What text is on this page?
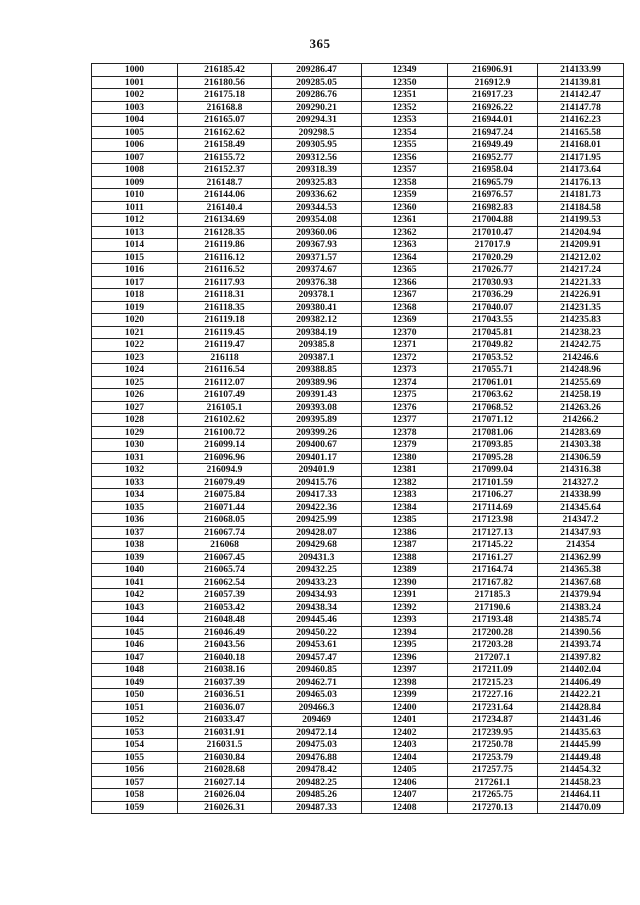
365
1000	216185.42	209286.47	12349	216906.91	214133.99
1001	216180.56	209285.05	12350	216912.9	214139.81
1002	216175.18	209286.76	12351	216917.23	214142.47
1003	216168.8	209290.21	12352	216926.22	214147.78
1004	216165.07	209294.31	12353	216944.01	214162.23
1005	216162.62	209298.5	12354	216947.24	214165.58
1006	216158.49	209305.95	12355	216949.49	214168.01
1007	216155.72	209312.56	12356	216952.77	214171.95
1008	216152.37	209318.39	12357	216958.04	214173.64
1009	216148.7	209325.83	12358	216965.79	214176.13
1010	216144.06	209336.62	12359	216976.57	214181.73
1011	216140.4	209344.53	12360	216982.83	214184.58
1012	216134.69	209354.08	12361	217004.88	214199.53
1013	216128.35	209360.06	12362	217010.47	214204.94
1014	216119.86	209367.93	12363	217017.9	214209.91
1015	216116.12	209371.57	12364	217020.29	214212.02
1016	216116.52	209374.67	12365	217026.77	214217.24
1017	216117.93	209376.38	12366	217030.93	214221.33
1018	216118.31	209378.1	12367	217036.29	214226.91
1019	216118.35	209380.41	12368	217040.07	214231.35
1020	216119.18	209382.12	12369	217043.55	214235.83
1021	216119.45	209384.19	12370	217045.81	214238.23
1022	216119.47	209385.8	12371	217049.82	214242.75
1023	216118	209387.1	12372	217053.52	214246.6
1024	216116.54	209388.85	12373	217055.71	214248.96
1025	216112.07	209389.96	12374	217061.01	214255.69
1026	216107.49	209391.43	12375	217063.62	214258.19
1027	216105.1	209393.08	12376	217068.52	214263.26
1028	216102.62	209395.89	12377	217071.12	214266.2
1029	216100.72	209399.26	12378	217081.06	214283.69
1030	216099.14	209400.67	12379	217093.85	214303.38
1031	216096.96	209401.17	12380	217095.28	214306.59
1032	216094.9	209401.9	12381	217099.04	214316.38
1033	216079.49	209415.76	12382	217101.59	214327.2
1034	216075.84	209417.33	12383	217106.27	214338.99
1035	216071.44	209422.36	12384	217114.69	214345.64
1036	216068.05	209425.99	12385	217123.98	214347.2
1037	216067.74	209428.07	12386	217127.13	214347.93
1038	216068	209429.68	12387	217145.22	214354
1039	216067.45	209431.3	12388	217161.27	214362.99
1040	216065.74	209432.25	12389	217164.74	214365.38
1041	216062.54	209433.23	12390	217167.82	214367.68
1042	216057.39	209434.93	12391	217185.3	214379.94
1043	216053.42	209438.34	12392	217190.6	214383.24
1044	216048.48	209445.46	12393	217193.48	214385.74
1045	216046.49	209450.22	12394	217200.28	214390.56
1046	216043.56	209453.61	12395	217203.28	214393.74
1047	216040.18	209457.47	12396	217207.1	214397.82
1048	216038.16	209460.85	12397	217211.09	214402.04
1049	216037.39	209462.71	12398	217215.23	214406.49
1050	216036.51	209465.03	12399	217227.16	214422.21
1051	216036.07	209466.3	12400	217231.64	214428.84
1052	216033.47	209469	12401	217234.87	214431.46
1053	216031.91	209472.14	12402	217239.95	214435.63
1054	216031.5	209475.03	12403	217250.78	214445.99
1055	216030.84	209476.88	12404	217253.79	214449.48
1056	216028.68	209478.42	12405	217257.75	214454.32
1057	216027.14	209482.25	12406	217261.1	214458.23
1058	216026.04	209485.26	12407	217265.75	214464.11
1059	216026.31	209487.33	12408	217270.13	214470.09
